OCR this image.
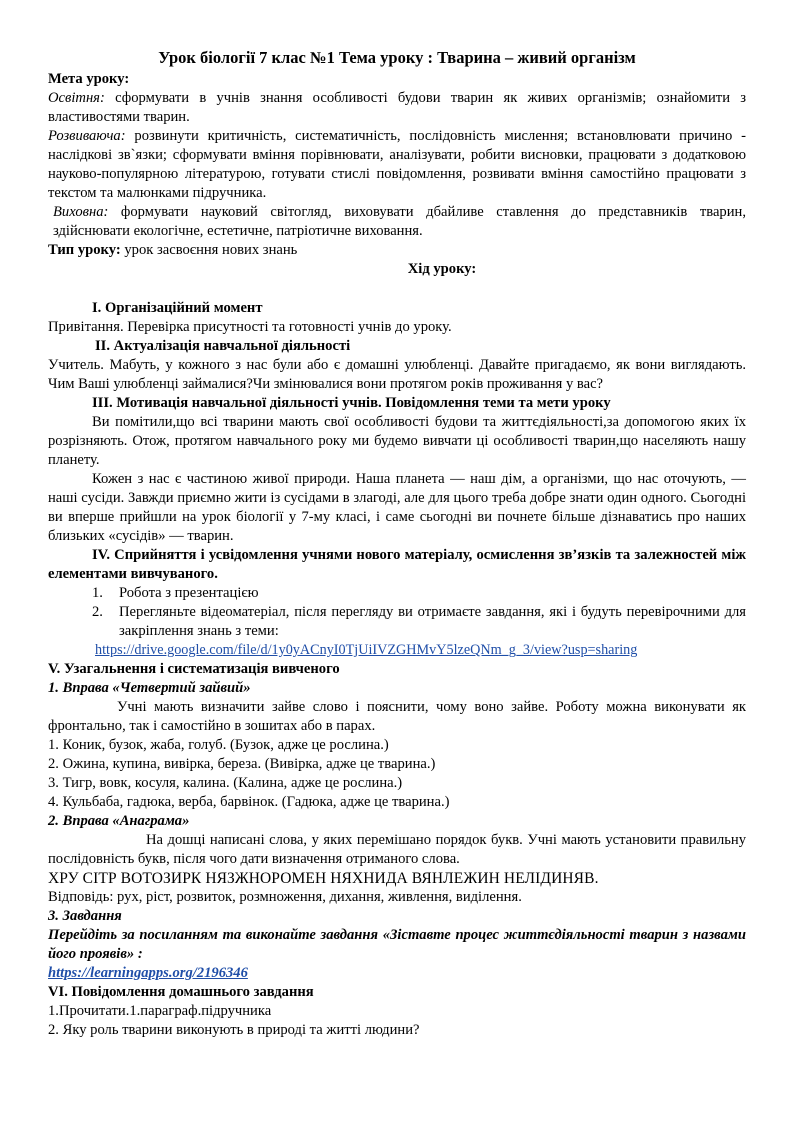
Урок біології 7 клас №1 Тема уроку : Тварина – живий організм

Мета уроку:

Освітня: сформувати в учнів знання особливості будови тварин як живих організмів; ознайомити з властивостями тварин.

Розвиваюча: розвинути критичність, систематичність, послідовність мислення; встановлювати причино - наслідкові зв`язки; сформувати вміння порівнювати, аналізувати, робити висновки, працювати з додатковою науково-популярною літературою, готувати стислі повідомлення, розвивати вміння самостійно працювати з текстом та малюнками підручника.

Виховна: формувати науковий світогляд, виховувати дбайливе ставлення до представників тварин, здійснювати екологічне, естетичне, патріотичне виховання.

Тип уроку: урок засвоєння нових знань

Хід уроку:

І. Організаційний момент

Привітання. Перевірка присутності та готовності учнів до уроку.

ІІ. Актуалізація навчальної діяльності

Учитель. Мабуть, у кожного з нас були або є домашні улюбленці. Давайте пригадаємо, як вони виглядають. Чим Ваші улюбленці займалися?Чи змінювалися вони протягом років проживання у вас?

ІІІ. Мотивація навчальної діяльності учнів. Повідомлення теми та мети уроку

Ви помітили,що всі тварини мають свої особливості будови та життєдіяльності,за допомогою яких їх розрізняють. Отож, протягом навчального року ми будемо вивчати ці особливості тварин,що населяють нашу планету.

Кожен з нас є частиною живої природи. Наша планета — наш дім, а організми, що нас оточують, — наші сусіди. Завжди приємно жити із сусідами в злагоді, але для цього треба добре знати один одного. Сьогодні ви вперше прийшли на урок біології у 7-му класі, і саме сьогодні ви почнете більше дізнаватись про наших близьких «сусідів» — тварин.

IV. Сприйняття і усвідомлення учнями нового матеріалу, осмислення зв’язків та залежностей між елементами вивчуваного.

1.	Робота з презентацією
2.	Перегляньте відеоматеріал, після перегляду ви отримаєте завдання, які і будуть перевірочними для закріплення знань з теми:

https://drive.google.com/file/d/1y0yACnyI0TjUiIVZGHMvY5lzeQNm_g_3/view?usp=sharing

V. Узагальнення і систематизація вивченого

1. Вправа «Четвертий зайвий»

Учні мають визначити зайве слово і пояснити, чому воно зайве. Роботу можна виконувати як фронтально, так і самостійно в зошитах або в парах.

1. Коник, бузок, жаба, голуб. (Бузок, адже це рослина.)

2. Ожина, купина, вивірка, береза. (Вивірка, адже це тварина.)

3. Тигр, вовк, косуля, калина. (Калина, адже це рослина.)

4. Кульбаба, гадюка, верба, барвінок. (Гадюка, адже це тварина.)

2. Вправа «Анаграма»

На дошці написані слова, у яких перемішано порядок букв. Учні мають установити правильну послідовність букв, після чого дати визначення отриманого слова.

ХРУ СІТР ВОТОЗИРК НЯЗЖНОРОМЕН НЯХНИДА ВЯНЛЕЖИН НЕЛІДИНЯВ.

Відповідь: рух, ріст, розвиток, розмноження, дихання, живлення, виділення.

3. Завдання

Перейдіть за посиланням та виконайте завдання «Зіставте процес життєдіяльності тварин з назвами його проявів» :

https://learningapps.org/2196346

VI. Повідомлення домашнього завдання

1.Прочитати.1.параграф.підручника

2. Яку роль тварини виконують в природі та житті людини?
